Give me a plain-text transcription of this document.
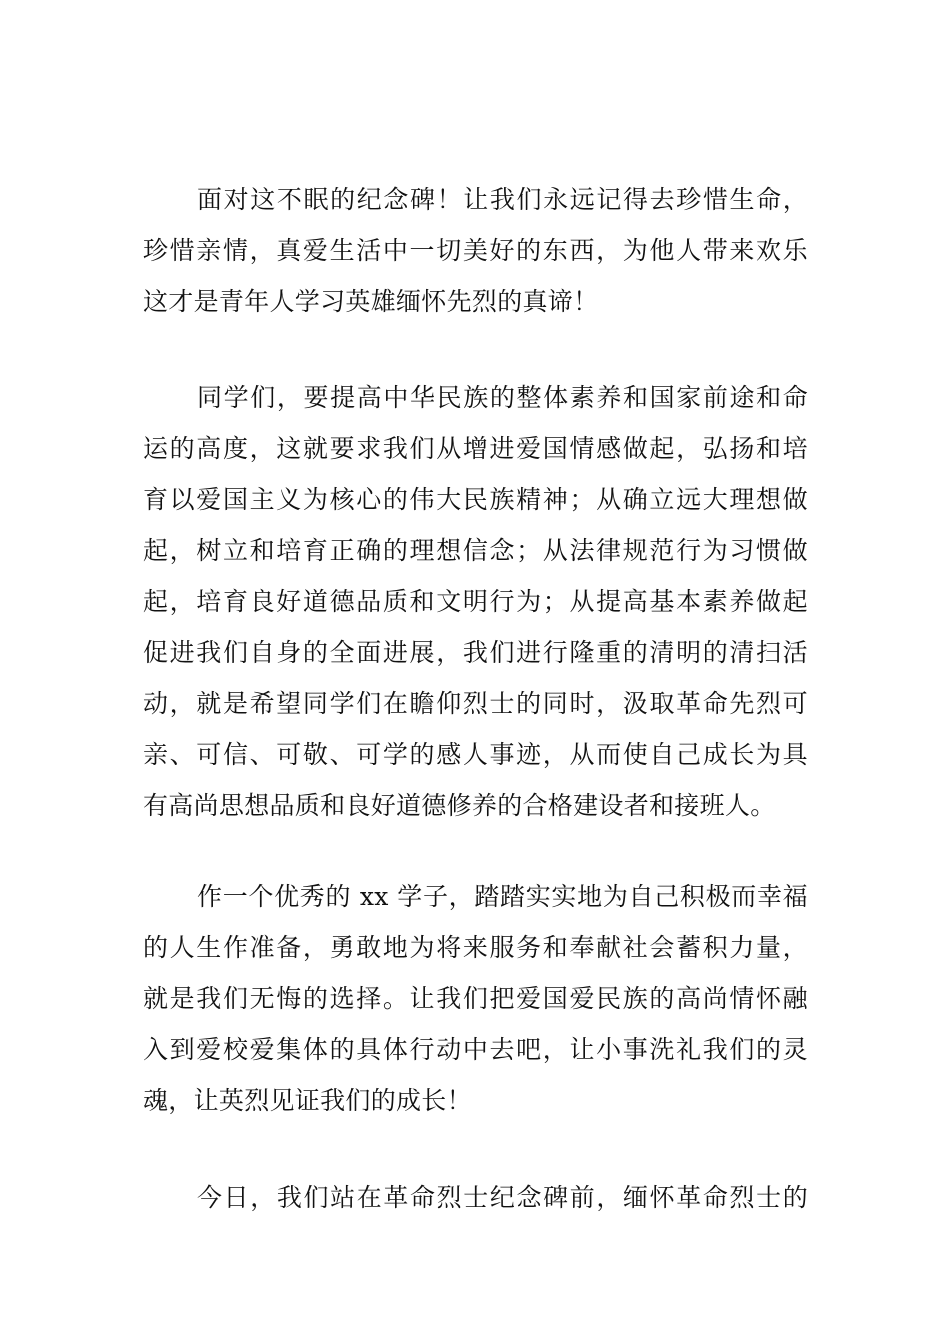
面对这不眠的纪念碑！让我们永远记得去珍惜生命，
珍惜亲情，真爱生活中一切美好的东西，为他人带来欢乐
这才是青年人学习英雄缅怀先烈的真谛！
同学们，要提高中华民族的整体素养和国家前途和命
运的高度，这就要求我们从增进爱国情感做起，弘扬和培
育以爱国主义为核心的伟大民族精神；从确立远大理想做
起，树立和培育正确的理想信念；从法律规范行为习惯做
起，培育良好道德品质和文明行为；从提高基本素养做起
促进我们自身的全面进展，我们进行隆重的清明的清扫活
动，就是希望同学们在瞻仰烈士的同时，汲取革命先烈可
亲、可信、可敬、可学的感人事迹，从而使自己成长为具
有高尚思想品质和良好道德修养的合格建设者和接班人。
作一个优秀的 xx 学子，踏踏实实地为自己积极而幸福
的人生作准备，勇敢地为将来服务和奉献社会蓄积力量，
就是我们无悔的选择。让我们把爱国爱民族的高尚情怀融
入到爱校爱集体的具体行动中去吧，让小事洗礼我们的灵
魂，让英烈见证我们的成长！
今日，我们站在革命烈士纪念碑前，缅怀革命烈士的
